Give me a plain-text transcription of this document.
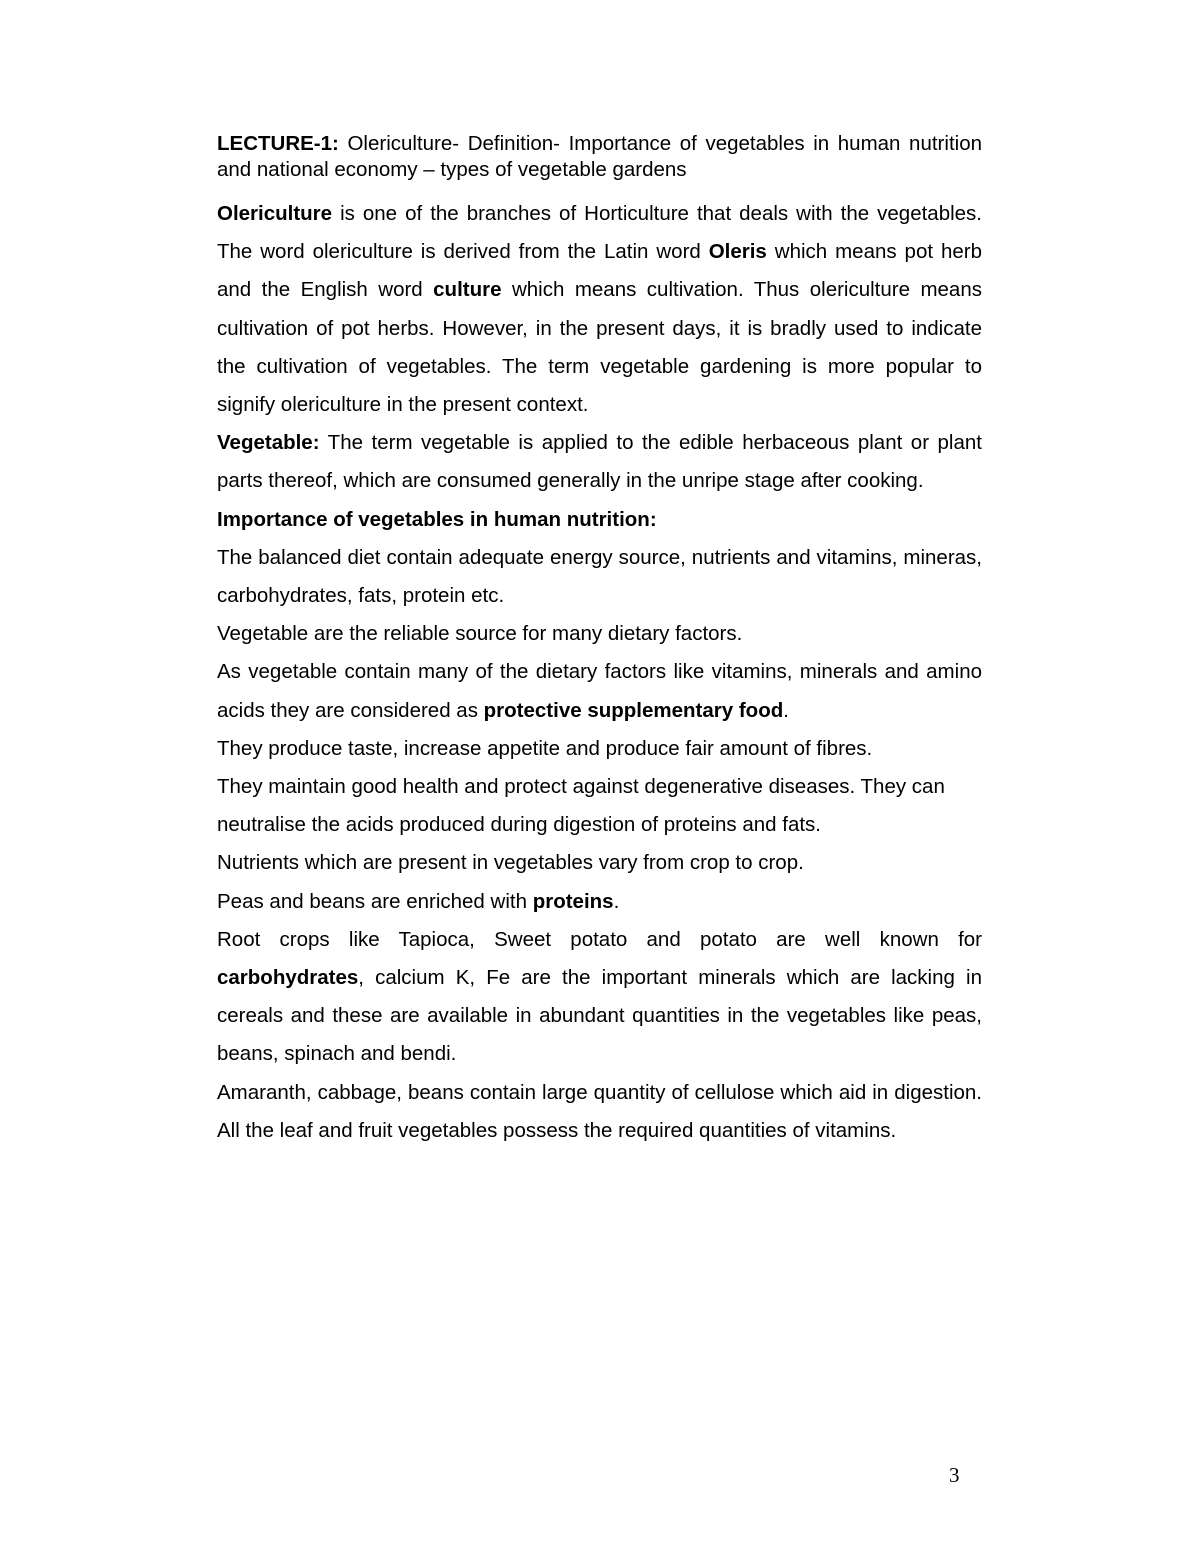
LECTURE-1: Olericulture- Definition- Importance of vegetables in human nutrition and national economy – types of vegetable gardens

Olericulture is one of the branches of Horticulture that deals with the vegetables. The word olericulture is derived from the Latin word Oleris which means pot herb and the English word culture which means cultivation. Thus olericulture means cultivation of pot herbs. However, in the present days, it is bradly used to indicate the cultivation of vegetables. The term vegetable gardening is more popular to signify olericulture in the present context.

Vegetable: The term vegetable is applied to the edible herbaceous plant or plant parts thereof, which are consumed generally in the unripe stage after cooking.

Importance of vegetables in human nutrition:

The balanced diet contain adequate energy source, nutrients and vitamins, mineras, carbohydrates, fats, protein etc.

Vegetable are the reliable source for many dietary factors.

As vegetable contain many of the dietary factors like vitamins, minerals and amino acids they are considered as protective supplementary food.

They produce taste, increase appetite and produce fair amount of fibres.

They maintain good health and protect against degenerative diseases. They can neutralise the acids produced during digestion of proteins and fats.

Nutrients which are present in vegetables vary from crop to crop.

Peas and beans are enriched with proteins.

Root crops like Tapioca, Sweet potato and potato are well known for carbohydrates, calcium K, Fe are the important minerals which are lacking in cereals and these are available in abundant quantities in the vegetables like peas, beans, spinach and bendi.

Amaranth, cabbage, beans contain large quantity of cellulose which aid in digestion. All the leaf and fruit vegetables possess the required quantities of vitamins.

3
